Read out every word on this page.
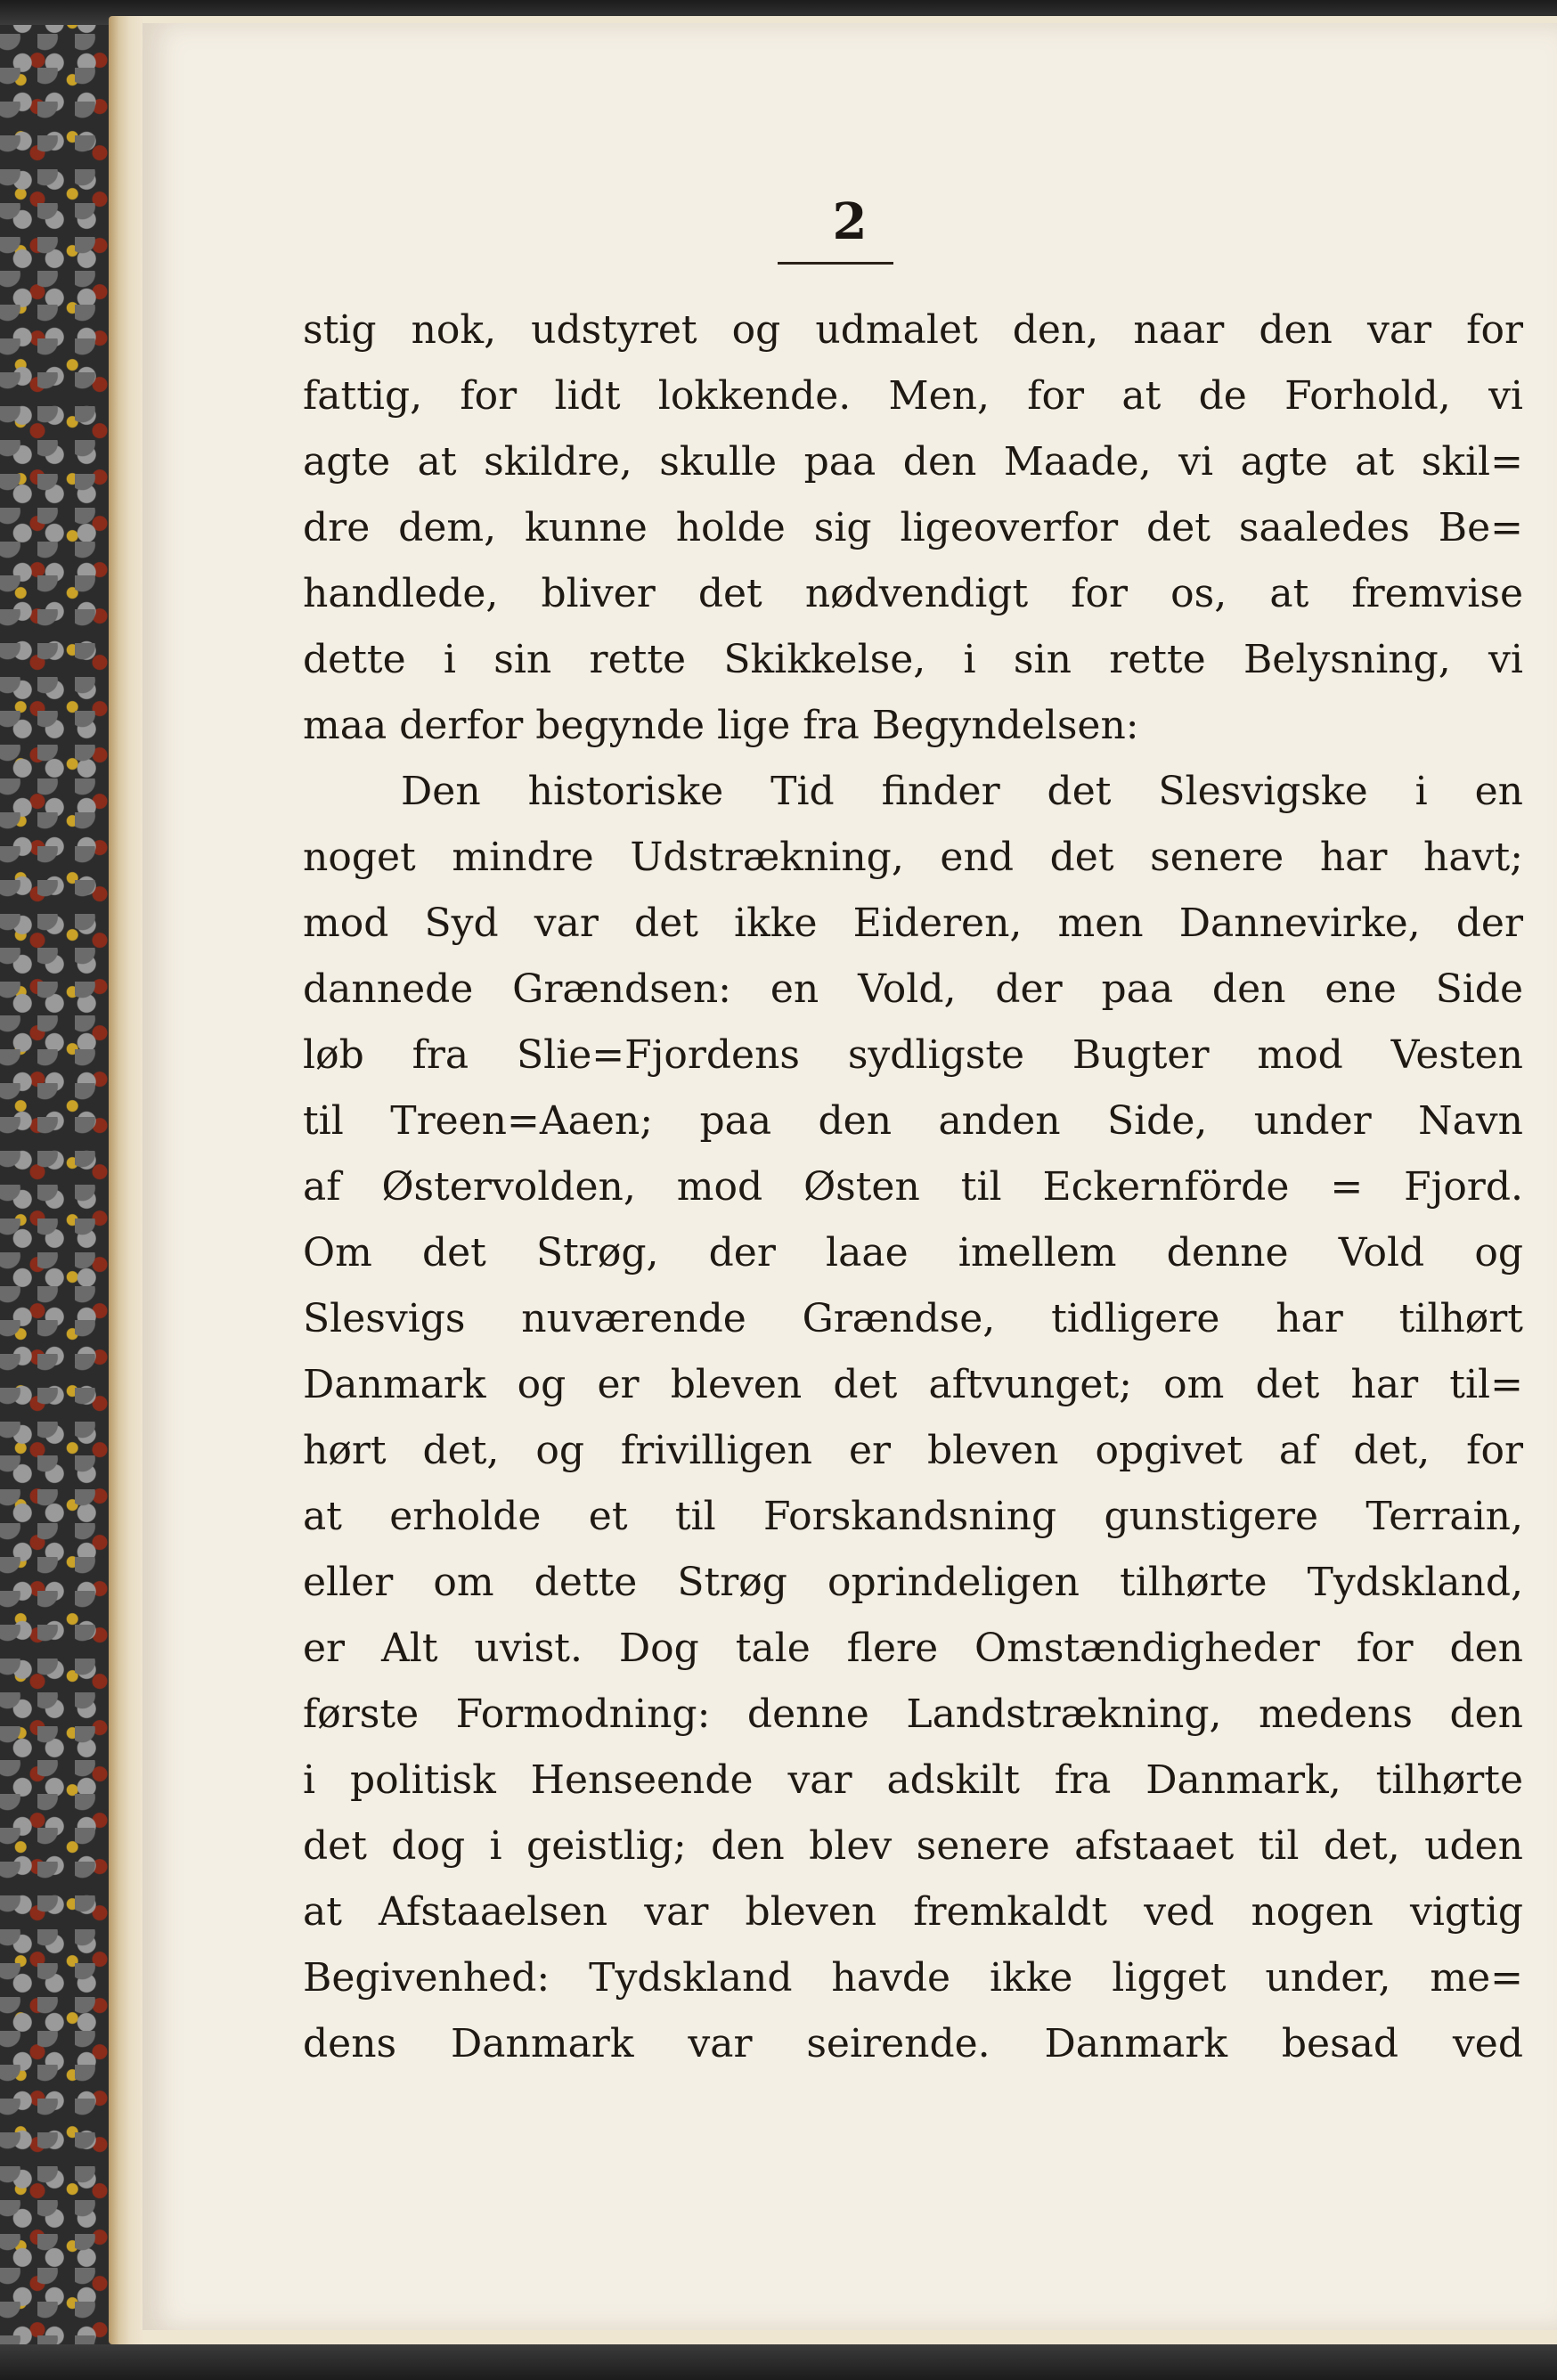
2

stig nok, udstyret og udmalet den, naar den var for
fattig, for lidt lokkende. Men, for at de Forhold, vi
agte at skildre, skulle paa den Maade, vi agte at skil=
dre dem, kunne holde sig ligeoverfor det saaledes Be=
handlede, bliver det nødvendigt for os, at fremvise
dette i sin rette Skikkelse, i sin rette Belysning, vi
maa derfor begynde lige fra Begyndelsen:
Den historiske Tid finder det Slesvigske i en
noget mindre Udstrækning, end det senere har havt;
mod Syd var det ikke Eideren, men Dannevirke, der
dannede Grændsen: en Vold, der paa den ene Side
løb fra Slie=Fjordens sydligste Bugter mod Vesten
til Treen=Aaen; paa den anden Side, under Navn
af Østervolden, mod Østen til Eckernförde = Fjord.
Om det Strøg, der laae imellem denne Vold og
Slesvigs nuværende Grændse, tidligere har tilhørt
Danmark og er bleven det aftvunget; om det har til=
hørt det, og frivilligen er bleven opgivet af det, for
at erholde et til Forskandsning gunstigere Terrain,
eller om dette Strøg oprindeligen tilhørte Tydskland,
er Alt uvist. Dog tale flere Omstændigheder for den
første Formodning: denne Landstrækning, medens den
i politisk Henseende var adskilt fra Danmark, tilhørte
det dog i geistlig; den blev senere afstaaet til det, uden
at Afstaaelsen var bleven fremkaldt ved nogen vigtig
Begivenhed: Tydskland havde ikke ligget under, me=
dens Danmark var seirende. Danmark besad ved
